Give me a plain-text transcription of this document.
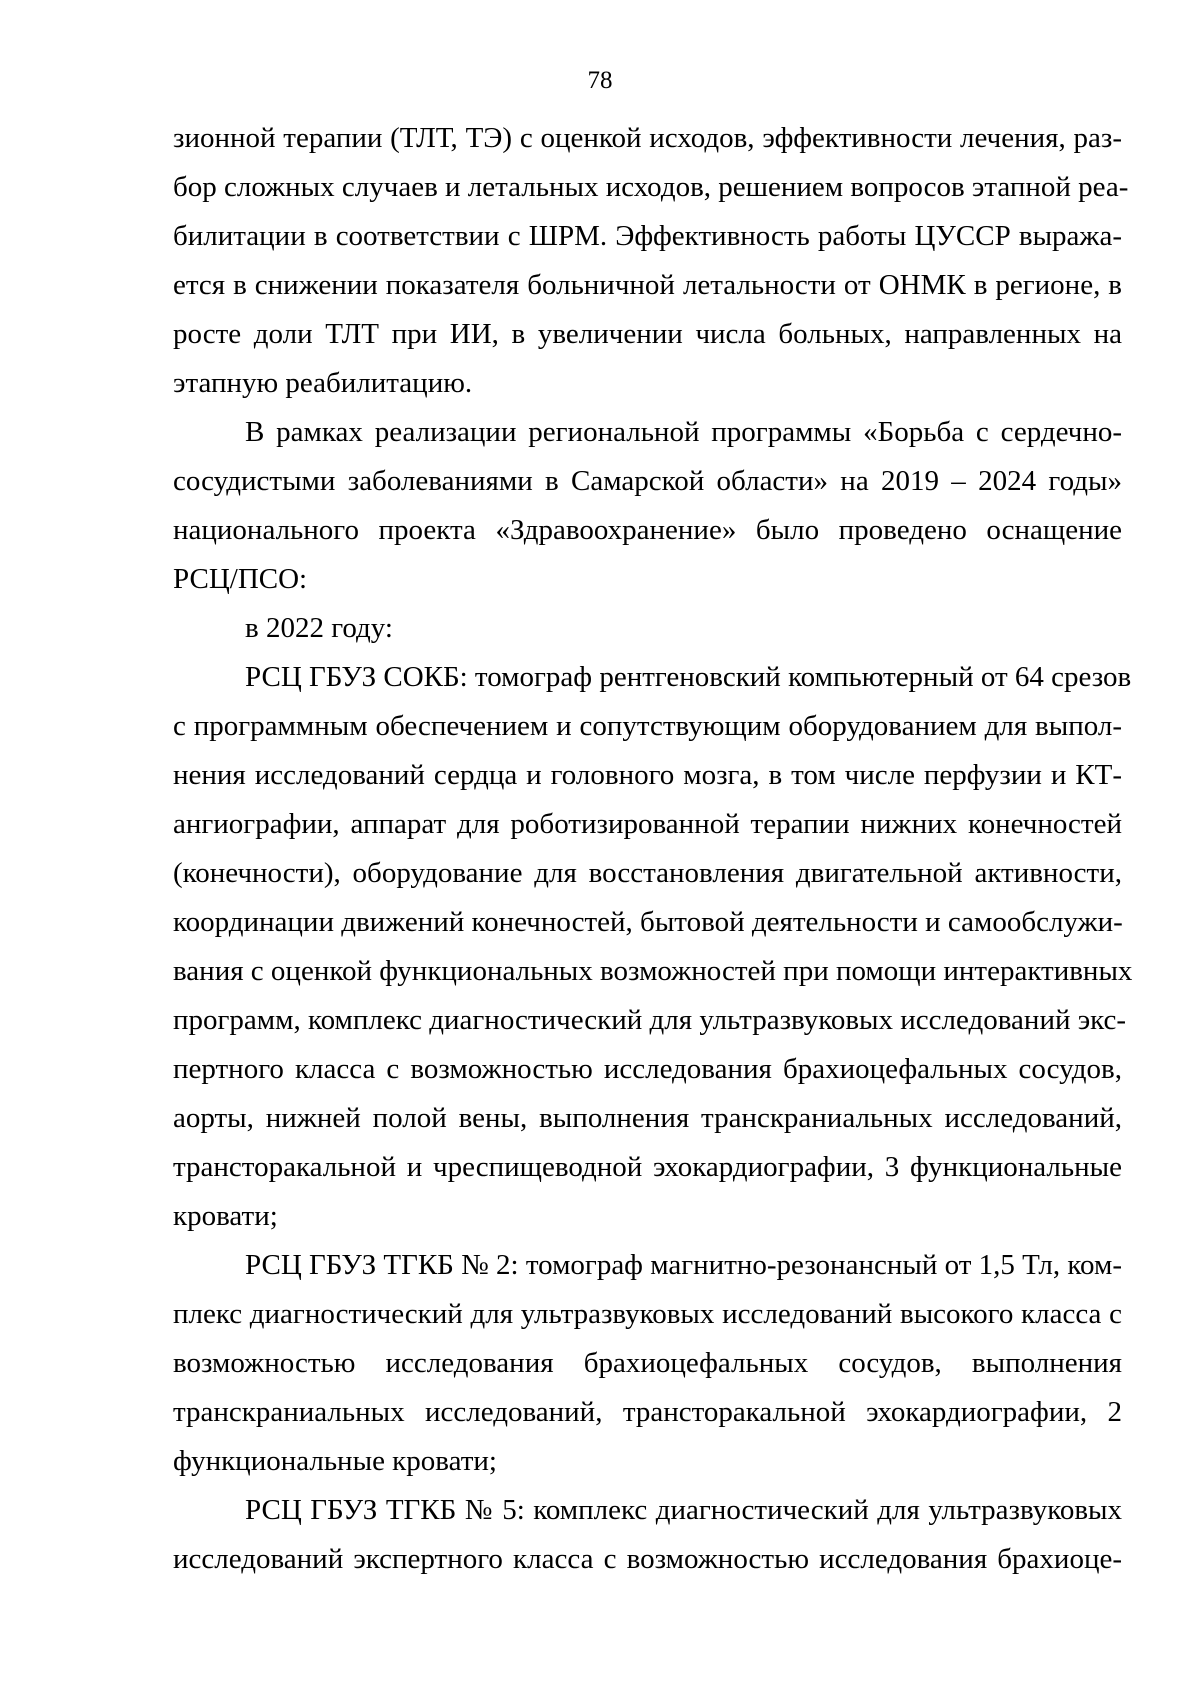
78
зионной терапии (ТЛТ, ТЭ) с оценкой исходов, эффективности лечения, раз-
бор сложных случаев и летальных исходов, решением вопросов этапной реа-
билитации в соответствии с ШРМ. Эффективность работы ЦУССР выража-
ется в снижении показателя больничной летальности от ОНМК в регионе, в
росте доли ТЛТ при ИИ, в увеличении числа больных, направленных на
этапную реабилитацию.
В рамках реализации региональной программы «Борьба с сердечно-
сосудистыми заболеваниями в Самарской области» на 2019 – 2024 годы»
национального проекта «Здравоохранение» было проведено оснащение
РСЦ/ПСО:
в 2022 году:
РСЦ ГБУЗ СОКБ: томограф рентгеновский компьютерный от 64 срезов
с программным обеспечением и сопутствующим оборудованием для выпол-
нения исследований сердца и головного мозга, в том числе перфузии и КТ-
ангиографии, аппарат для роботизированной терапии нижних конечностей
(конечности), оборудование для восстановления двигательной активности,
координации движений конечностей, бытовой деятельности и самообслужи-
вания с оценкой функциональных возможностей при помощи интерактивных
программ, комплекс диагностический для ультразвуковых исследований экс-
пертного класса с возможностью исследования брахиоцефальных сосудов,
аорты, нижней полой вены, выполнения транскраниальных исследований,
трансторакальной и чреспищеводной эхокардиографии, 3 функциональные
кровати;
РСЦ ГБУЗ ТГКБ № 2: томограф магнитно-резонансный от 1,5 Тл, ком-
плекс диагностический для ультразвуковых исследований высокого класса с
возможностью исследования брахиоцефальных сосудов, выполнения
транскраниальных исследований, трансторакальной эхокардиографии, 2
функциональные кровати;
РСЦ ГБУЗ ТГКБ № 5: комплекс диагностический для ультразвуковых
исследований экспертного класса с возможностью исследования брахиоце-
